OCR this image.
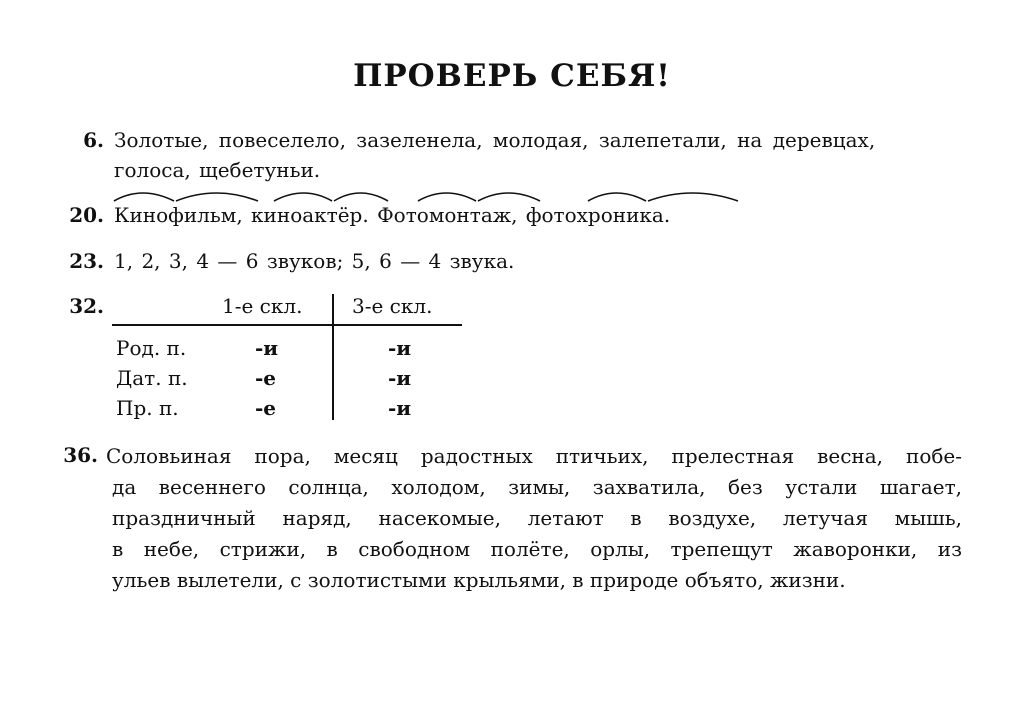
ПРОВЕРЬ СЕБЯ!
6. Золотые, повеселело, зазеленела, молодая, залепетали, на деревцах,
голоса, щебетуньи.
20. Кинофильм, киноактёр. Фотомонтаж, фотохроника.
23. 1, 2, 3, 4 — 6 звуков; 5, 6 — 4 звука.
32.	1-е скл. 3-е скл.
Род. п.	-и	-и
Дат. п.	-е	-и
Пр. п.	-е	-и
36. Соловьиная пора, месяц радостных птичьих, прелестная весна, побе-
да весеннего солнца, холодом, зимы, захватила, без устали шагает,
праздничный наряд, насекомые, летают в воздухе, летучая мышь,
в небе, стрижи, в свободном полёте, орлы, трепещут жаворонки, из
ульев вылетели, с золотистыми крыльями, в природе объято, жизни.
